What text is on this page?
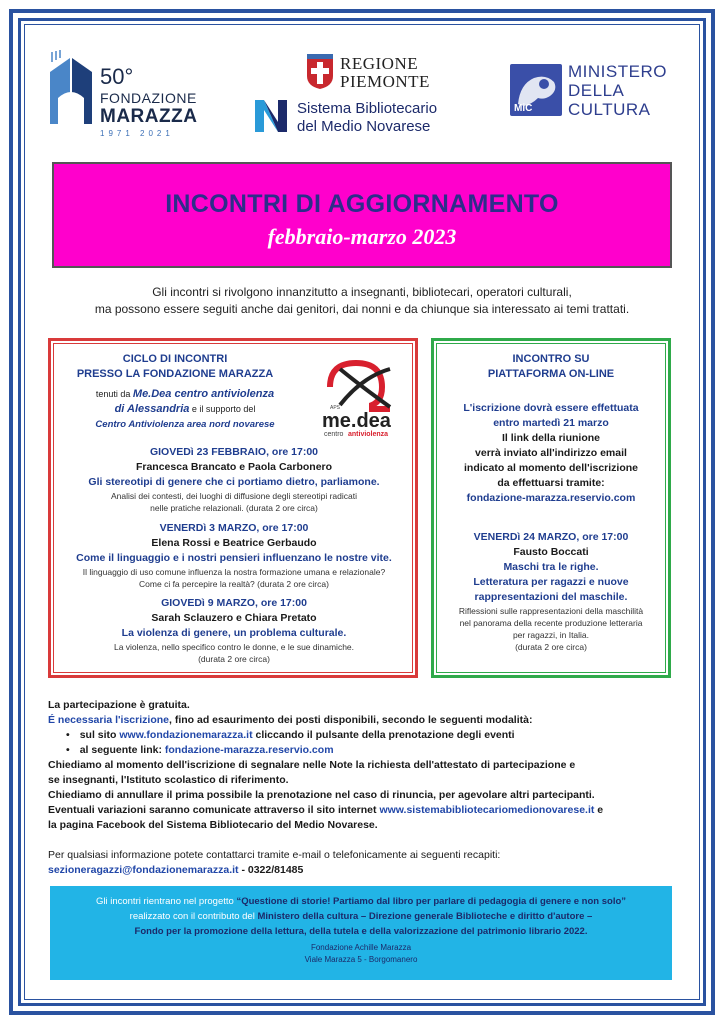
50°
FONDAZIONE
MARAZZA
1971 2021
REGIONE
PIEMONTE
Sistema Bibliotecario
del Medio Novarese
MiC
MINISTERO
DELLA
CULTURA
INCONTRI DI AGGIORNAMENTO
febbraio-marzo 2023
Gli incontri si rivolgono innanzitutto a insegnanti, bibliotecari, operatori culturali,
ma possono essere seguiti anche dai genitori, dai nonni e da chiunque sia interessato ai temi trattati.
CICLO DI INCONTRI
PRESSO LA FONDAZIONE MARAZZA
tenuti da Me.Dea centro antiviolenza
di Alessandria e il supporto del
Centro Antiviolenza area nord novarese
APS
me.dea
centro antiviolenza
GIOVEDì 23 FEBBRAIO, ore 17:00
Francesca Brancato e Paola Carbonero
Gli stereotipi di genere che ci portiamo dietro, parliamone.
Analisi dei contesti, dei luoghi di diffusione degli stereotipi radicati
nelle pratiche relazionali. (durata 2 ore circa)
VENERDì 3 MARZO, ore 17:00
Elena Rossi e Beatrice Gerbaudo
Come il linguaggio e i nostri pensieri influenzano le nostre vite.
Il linguaggio di uso comune influenza la nostra formazione umana e relazionale?
Come ci fa percepire la realtà? (durata 2 ore circa)
GIOVEDì 9 MARZO, ore 17:00
Sarah Sclauzero e Chiara Pretato
La violenza di genere, un problema culturale.
La violenza, nello specifico contro le donne, e le sue dinamiche.
(durata 2 ore circa)
INCONTRO SU
PIATTAFORMA ON-LINE
L'iscrizione dovrà essere effettuata
entro martedì 21 marzo
Il link della riunione
verrà inviato all'indirizzo email
indicato al momento dell'iscrizione
da effettuarsi tramite:
fondazione-marazza.reservio.com
VENERDì 24 MARZO, ore 17:00
Fausto Boccati
Maschi tra le righe.
Letteratura per ragazzi e nuove
rappresentazioni del maschile.
Riflessioni sulle rappresentazioni della maschilità
nel panorama della recente produzione letteraria
per ragazzi, in Italia.
(durata 2 ore circa)
La partecipazione è gratuita.
É necessaria l'iscrizione, fino ad esaurimento dei posti disponibili, secondo le seguenti modalità:
• sul sito www.fondazionemarazza.it cliccando il pulsante della prenotazione degli eventi
• al seguente link: fondazione-marazza.reservio.com
Chiediamo al momento dell'iscrizione di segnalare nelle Note la richiesta dell'attestato di partecipazione e
se insegnanti, l'Istituto scolastico di riferimento.
Chiediamo di annullare il prima possibile la prenotazione nel caso di rinuncia, per agevolare altri partecipanti.
Eventuali variazioni saranno comunicate attraverso il sito internet www.sistemabibliotecariomedionovarese.it e
la pagina Facebook del Sistema Bibliotecario del Medio Novarese.
Per qualsiasi informazione potete contattarci tramite e-mail o telefonicamente ai seguenti recapiti:
sezioneragazzi@fondazionemarazza.it - 0322/81485
Gli incontri rientrano nel progetto “Questione di storie! Partiamo dal libro per parlare di pedagogia di genere e non solo”
realizzato con il contributo del Ministero della cultura – Direzione generale Biblioteche e diritto d'autore –
Fondo per la promozione della lettura, della tutela e della valorizzazione del patrimonio librario 2022.
Fondazione Achille Marazza
Viale Marazza 5 - Borgomanero
